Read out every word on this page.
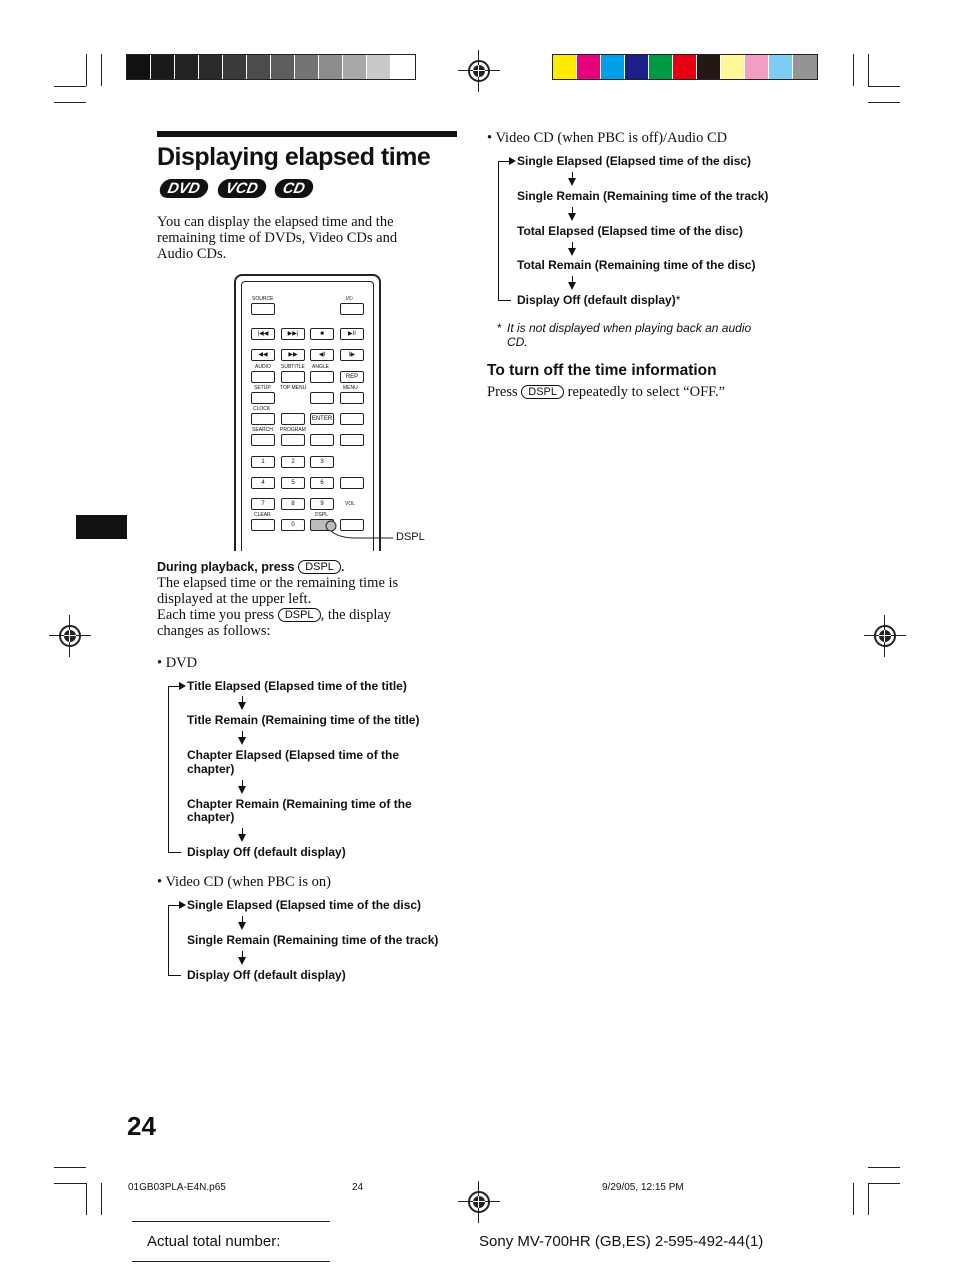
Displaying elapsed time
DVD VCD CD
You can display the elapsed time and the
remaining time of DVDs, Video CDs and
Audio CDs.
SOURCE	I/⏻
|◀◀	▶▶|	■	▶II
◀◀	▶▶	◀I	I▶
AUDIO SUBTITLE ANGLE
REP
SETUP TOP MENU	MENU
CLOCK
ENTER
SEARCH PROGRAM
1	2	3
4	5	6
7	8	9
0
VOL
CLEAR	DSPL
DSPL
During playback, press DSPL .
The elapsed time or the remaining time is
displayed at the upper left.
Each time you press DSPL , the display
changes as follows:
• DVD
Title Elapsed (Elapsed time of the title)
Title Remain (Remaining time of the title)
Chapter Elapsed (Elapsed time of the
chapter)
Chapter Remain (Remaining time of the
chapter)
Display Off (default display)
• Video CD (when PBC is on)
Single Elapsed (Elapsed time of the disc)
Single Remain (Remaining time of the track)
Display Off (default display)
• Video CD (when PBC is off)/Audio CD
Single Elapsed (Elapsed time of the disc)
Single Remain (Remaining time of the track)
Total Elapsed (Elapsed time of the disc)
Total Remain (Remaining time of the disc)
Display Off (default display)*
* It is not displayed when playing back an audio
CD.
To turn off the time information
Press DSPL repeatedly to select “OFF.”
24
01GB03PLA-E4N.p65	24	9/29/05, 12:15 PM
Actual total number:	Sony MV-700HR (GB,ES) 2-595-492-44(1)
